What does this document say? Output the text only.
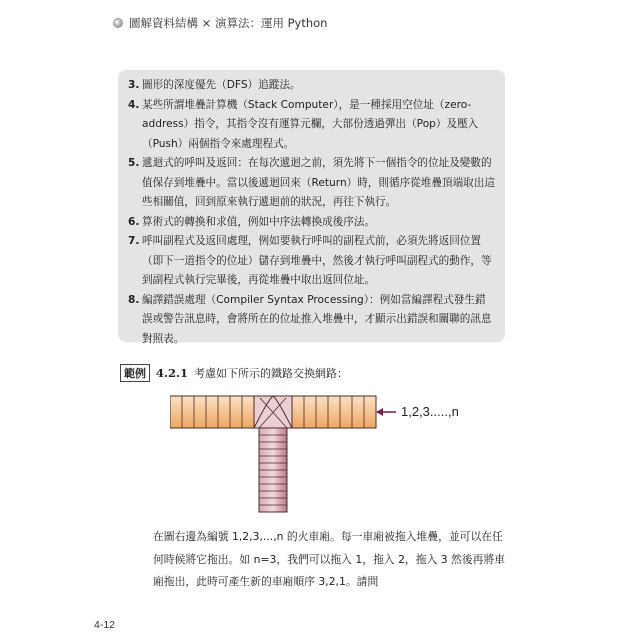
圖解資料結構 × 演算法：運用 Python
3. 圖形的深度優先（DFS）追蹤法。
4. 某些所謂堆疊計算機（Stack Computer），是一種採用空位址（zero-address）指令，其指令沒有運算元欄，大部份透過彈出（Pop）及壓入（Push）兩個指令來處理程式。
5. 遞迴式的呼叫及返回：在每次遞迴之前，須先將下一個指令的位址及變數的值保存到堆疊中。當以後遞迴回來（Return）時，則循序從堆疊頂端取出這些相關值，回到原來執行遞迴前的狀況，再往下執行。
6. 算術式的轉換和求值，例如中序法轉換成後序法。
7. 呼叫副程式及返回處理，例如要執行呼叫的副程式前，必須先將返回位置（即下一道指令的位址）儲存到堆疊中，然後才執行呼叫副程式的動作，等到副程式執行完畢後，再從堆疊中取出返回位址。
8. 編譯錯誤處理（Compiler Syntax Processing）：例如當編譯程式發生錯誤或警告訊息時，會將所在的位址推入堆疊中，才顯示出錯誤和關聯的訊息對照表。
範例 4.2.1 考慮如下所示的鐵路交換網路：
1,2,3.....,n
在圖右邊為編號 1,2,3,...,n 的火車廂。每一車廂被拖入堆疊，並可以在任何時候將它拖出。如 n=3，我們可以拖入 1，拖入 2，拖入 3 然後再將車廂拖出，此時可產生新的車廂順序 3,2,1。請問
4-12
